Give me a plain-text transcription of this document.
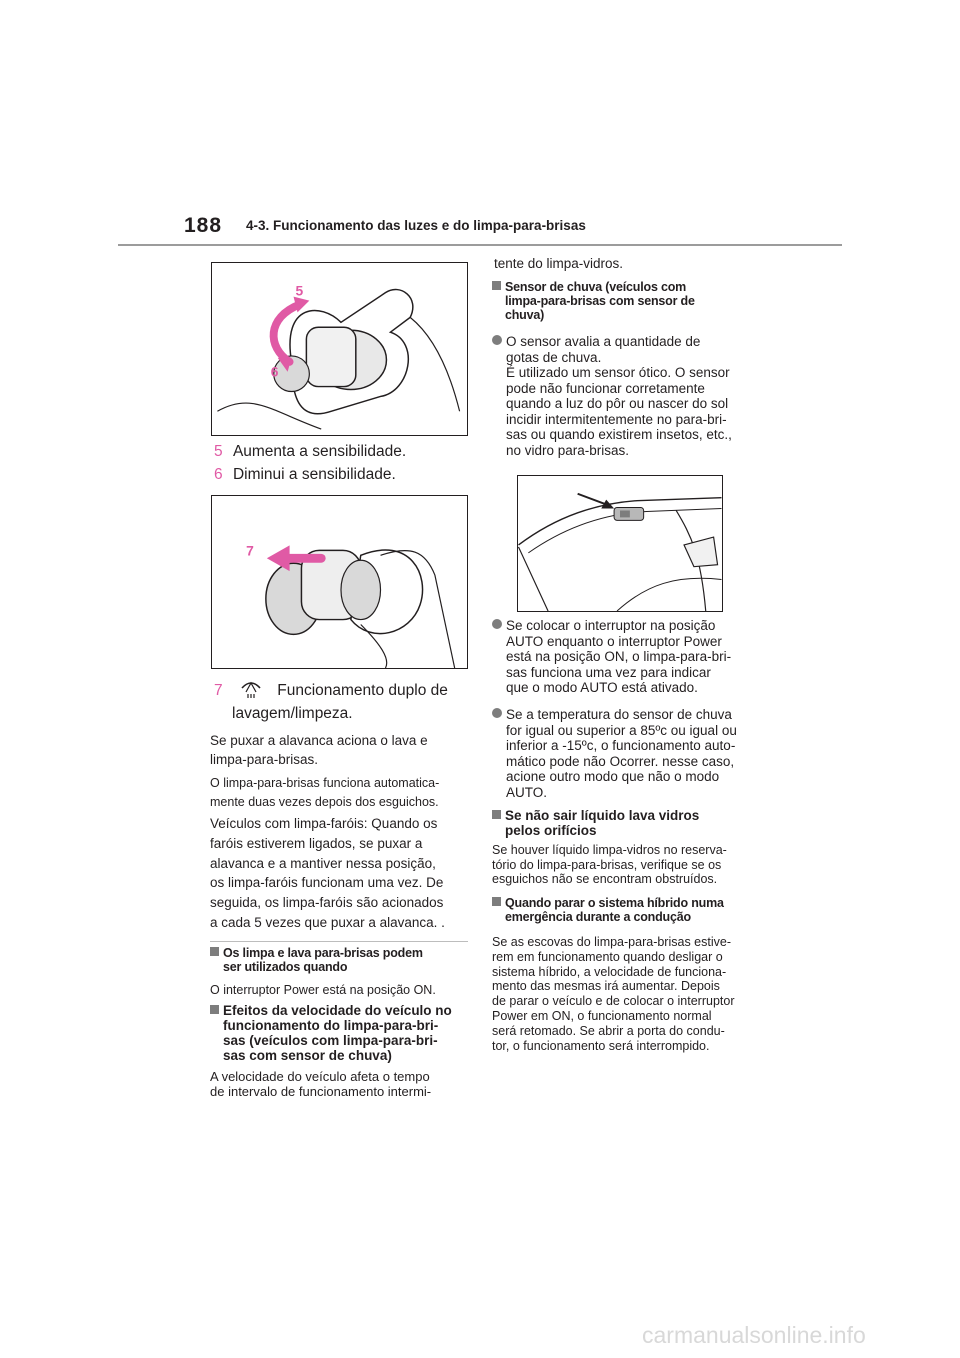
188 4-3. Funcionamento das luzes e do limpa-para-brisas
5
6
5 Aumenta a sensibilidade.
6 Diminui a sensibilidade.
7
7	Funcionamento duplo de
lavagem/limpeza.
Se puxar a alavanca aciona o lava e
limpa-para-brisas.
O limpa-para-brisas funciona automatica-
mente duas vezes depois dos esguichos.
Veículos com limpa-faróis: Quando os
faróis estiverem ligados, se puxar a
alavanca e a mantiver nessa posição,
os limpa-faróis funcionam uma vez. De
seguida, os limpa-faróis são acionados
a cada 5 vezes que puxar a alavanca. .
Os limpa e lava para-brisas podem
ser utilizados quando
O interruptor Power está na posição ON.
Efeitos da velocidade do veículo no
funcionamento do limpa-para-bri-
sas (veículos com limpa-para-bri-
sas com sensor de chuva)
A velocidade do veículo afeta o tempo
de intervalo de funcionamento intermi-
tente do limpa-vidros.
Sensor de chuva (veículos com
limpa-para-brisas com sensor de
chuva)
O sensor avalia a quantidade de
gotas de chuva.
É utilizado um sensor ótico. O sensor
pode não funcionar corretamente
quando a luz do pôr ou nascer do sol
incidir intermitentemente no para-bri-
sas ou quando existirem insetos, etc.,
no vidro para-brisas.
Se colocar o interruptor na posição
AUTO enquanto o interruptor Power
está na posição ON, o limpa-para-bri-
sas funciona uma vez para indicar
que o modo AUTO está ativado.
Se a temperatura do sensor de chuva
for igual ou superior a 85ºc ou igual ou
inferior a -15ºc, o funcionamento auto-
mático pode não Ocorrer. nesse caso,
acione outro modo que não o modo
AUTO.
Se não sair líquido lava vidros
pelos orifícios
Se houver líquido limpa-vidros no reserva-
tório do limpa-para-brisas, verifique se os
esguichos não se encontram obstruídos.
Quando parar o sistema híbrido numa
emergência durante a condução
Se as escovas do limpa-para-brisas estive-
rem em funcionamento quando desligar o
sistema híbrido, a velocidade de funciona-
mento das mesmas irá aumentar. Depois
de parar o veículo e de colocar o interruptor
Power em ON, o funcionamento normal
será retomado. Se abrir a porta do condu-
tor, o funcionamento será interrompido.
carmanualsonline.info
